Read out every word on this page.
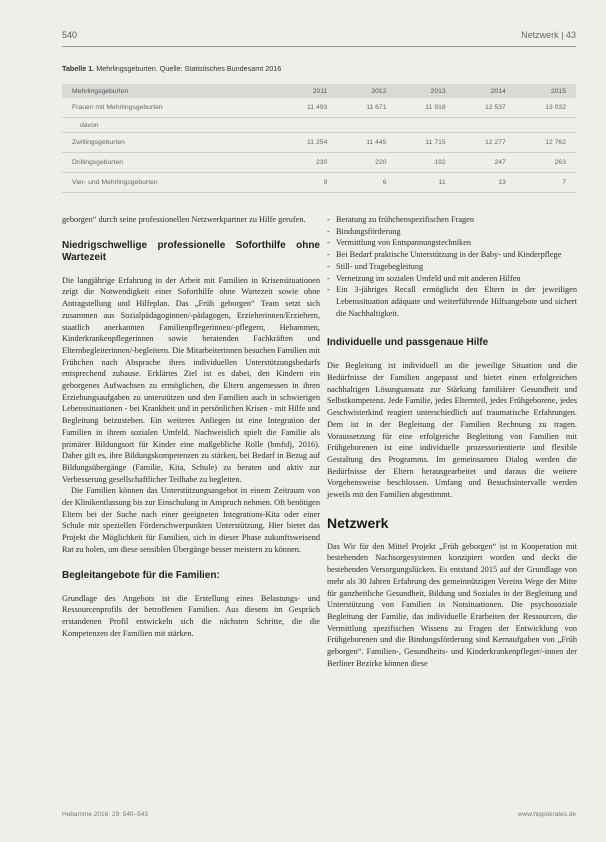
540	Netzwerk | 43
Tabelle 1. Mehrlingsgeburten. Quelle: Statistisches Bundesamt 2016
Mehrlingsgeburten	2011	2012	2013	2014	2015
Frauen mit Mehrlingsgeburten	11 493	11 671	11 918	12 537	13 032
davon					
Zwillingsgeburten	11 254	11 445	11 715	12 277	12 762
Drillingsgeburten	230	220	192	247	263
Vier- und Mehrlingsgeburten	9	6	11	13	7

geborgen“ durch seine professionellen Netzwerkpartner zu Hilfe gerufen.

Niedrigschwellige professionelle Soforthilfe ohne Wartezeit

Die langjährige Erfahrung in der Arbeit mit Familien in Krisensituationen zeigt die Notwendigkeit einer Soforthilfe ohne Wartezeit sowie ohne Antragstellung und Hilfeplan. Das „Früh geborgen“ Team setzt sich zusammen aus Sozialpädagoginnen/-pädagogen, Erzieherinnen/Erziehern, staatlich anerkannten Familienpflegerinnen/-pflegern, Hebammen, Kinderkrankenpflegerinnen sowie beratenden Fachkräften und Elternbegleiterinnen/-begleitern. Die Mitarbeiterinnen besuchen Familien mit Frühchen nach Absprache ihres individuellen Unterstützungsbedarfs entsprechend zuhause. Erklärtes Ziel ist es dabei, den Kindern ein geborgenes Aufwachsen zu ermöglichen, die Eltern angemessen in ihren Erziehungsaufgaben zu unterstützen und den Familien auch in schwierigen Lebenssituationen - bei Krankheit und in persönlichen Krisen - mit Hilfe und Begleitung beizustehen. Ein weiteres Anliegen ist eine Integration der Familien in ihrem sozialen Umfeld. Nachweislich spielt die Familie als primärer Bildungsort für Kinder eine maßgebliche Rolle (bmfsfj, 2016). Daher gilt es, ihre Bildungskompetenzen zu stärken, bei Bedarf in Bezug auf Bildungsübergänge (Familie, Kita, Schule) zu beraten und aktiv zur Verbesserung gesellschaftlicher Teilhabe zu begleiten.

Die Familien können das Unterstützungsangebot in einem Zeitraum von der Klinikentlassung bis zur Einschulung in Anspruch nehmen. Oft benötigen Eltern bei der Suche nach einer geeigneten Integrations-Kita oder einer Schule mit speziellen Förderschwerpunkten Unterstützung. Hier bietet das Projekt die Möglichkeit für Familien, sich in dieser Phase zukunftsweisend Rat zu holen, um diese sensiblen Übergänge besser meistern zu können.

Begleitangebote für die Familien:

Grundlage des Angebots ist die Erstellung eines Belastungs- und Ressourcenprofils der betroffenen Familien. Aus diesem im Gespräch erstandenen Profil entwickeln sich die nächsten Schritte, die die Kompetenzen der Familien mit stärken.

- Beratung zu frühchenspezifischen Fragen
- Bindungsförderung
- Vermittlung von Entspannungstechniken
- Bei Bedarf praktische Unterstützung in der Baby- und Kinderpflege
- Still- und Tragebegleitung
- Vernetzung im sozialen Umfeld und mit anderen Hilfen
- Ein 3-jähriges Recall ermöglicht den Eltern in der jeweiligen Lebenssituation adäquate und weiterführende Hilfsangebote und sichert die Nachhaltigkeit.
Individuelle und passgenaue Hilfe

Die Begleitung ist individuell an die jeweilige Situation und die Bedürfnisse der Familien angepasst und bietet einen erfolgreichen nachhaltigen Lösungsansatz zur Stärkung familiärer Gesundheit und Selbstkompetenz. Jede Familie, jedes Elternteil, jedes Frühgeborene, jedes Geschwisterkind reagiert unterschiedlich auf traumatische Erfahrungen. Dem ist in der Begleitung der Familien Rechnung zu tragen. Voraussetzung für eine erfolgreiche Begleitung von Familien mit Frühgeborenen ist eine individuelle prozessorientierte und flexible Gestaltung des Programms. Im gemeinsamen Dialog werden die Bedürfnisse der Eltern herausgearbeitet und daraus die weitere Vorgehensweise beschlossen. Umfang und Besuchsintervalle werden jeweils mit den Familien abgestimmt.

Netzwerk

Das Wir für den Mittel Projekt „Früh geborgen“ ist in Kooperation mit bestehenden Nachsorgesystemen konzipiert worden und deckt die bestehenden Versorgungslücken. Es entstand 2015 auf der Grundlage von mehr als 30 Jahren Erfahrung des gemeinnützigen Vereins Wege der Mitte für ganzheitliche Gesundheit, Bildung und Soziales in der Begleitung und Unterstützung von Familien in Notsituationen. Die psychosoziale Begleitung der Familie, das individuelle Erarbeiten der Ressourcen, die Vermittlung spezifischen Wissens zu Fragen der Entwicklung von Frühgeborenen und die Bindungsförderung sind Kernaufgaben von „Früh geborgen“. Familien-, Gesundheits- und Kinderkrankenpfleger/-innen der Berliner Bezirke können diese

Hebamme 2016; 29: 540–543	www.hippokrates.de
